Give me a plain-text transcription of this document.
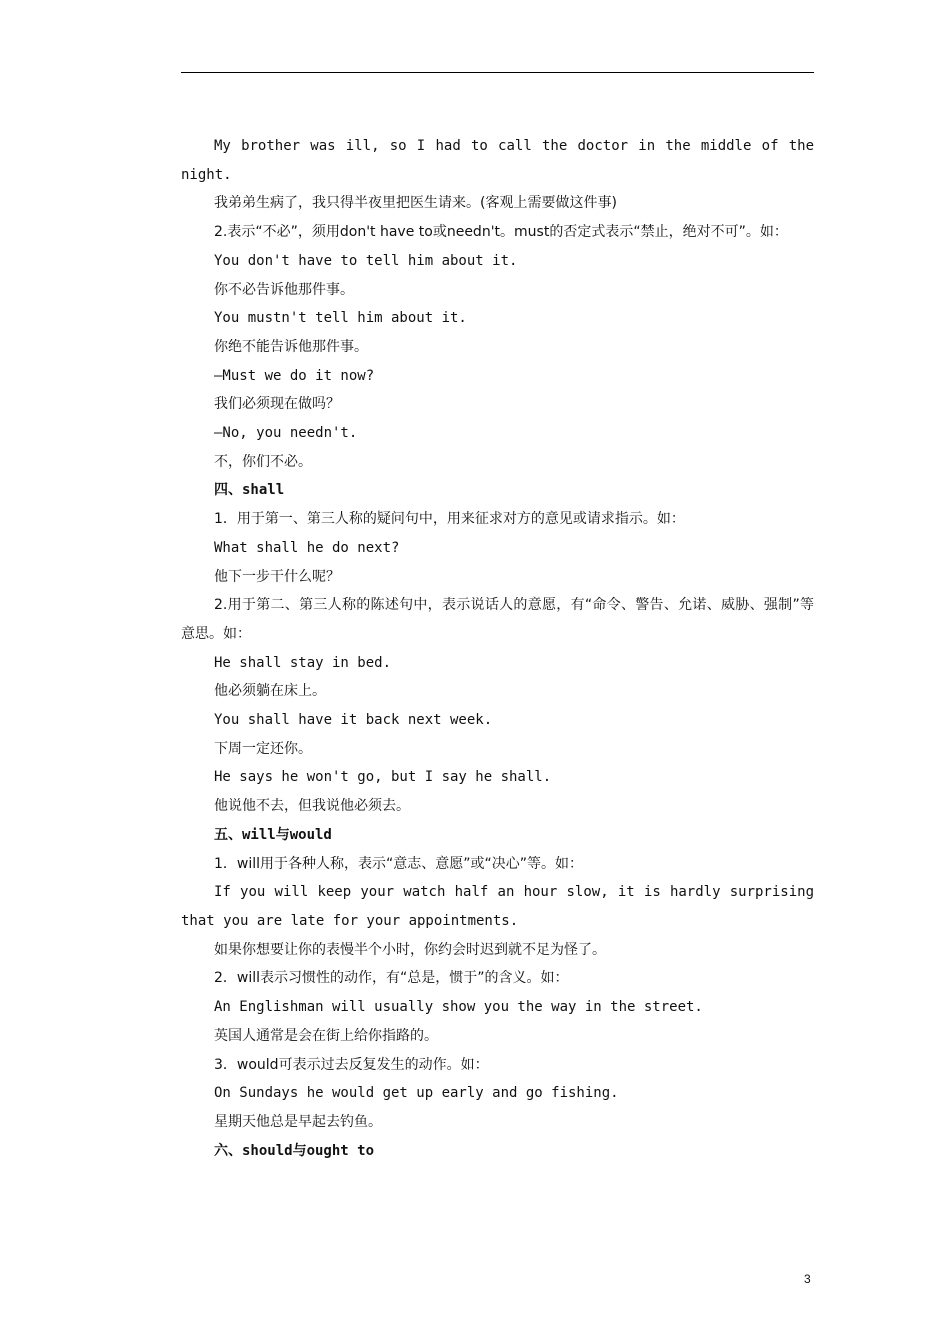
My brother was ill, so I had to call the doctor in the middle of the night.

我弟弟生病了，我只得半夜里把医生请来。(客观上需要做这件事)

2.表示“不必”，须用don't have to或needn't。must的否定式表示“禁止，绝对不可”。如：

You don't have to tell him about it.

你不必告诉他那件事。

You mustn't tell him about it.

你绝不能告诉他那件事。

—Must we do it now?

我们必须现在做吗？

—No, you needn't.

不，你们不必。

四、shall

1．用于第一、第三人称的疑问句中，用来征求对方的意见或请求指示。如：

What shall he do next?

他下一步干什么呢？

2.用于第二、第三人称的陈述句中，表示说话人的意愿，有“命令、警告、允诺、威胁、强制”等意思。如：

He shall stay in bed.

他必须躺在床上。

You shall have it back next week.

下周一定还你。

He says he won't go, but I say he shall.

他说他不去，但我说他必须去。

五、will与would

1．will用于各种人称，表示“意志、意愿”或“决心”等。如：

If you will keep your watch half an hour slow, it is hardly surprising that you are late for your appointments.

如果你想要让你的表慢半个小时，你约会时迟到就不足为怪了。

2．will表示习惯性的动作，有“总是，惯于”的含义。如：

An Englishman will usually show you the way in the street.

英国人通常是会在街上给你指路的。

3．would可表示过去反复发生的动作。如：

On Sundays he would get up early and go fishing.

星期天他总是早起去钓鱼。

六、should与ought to

3
